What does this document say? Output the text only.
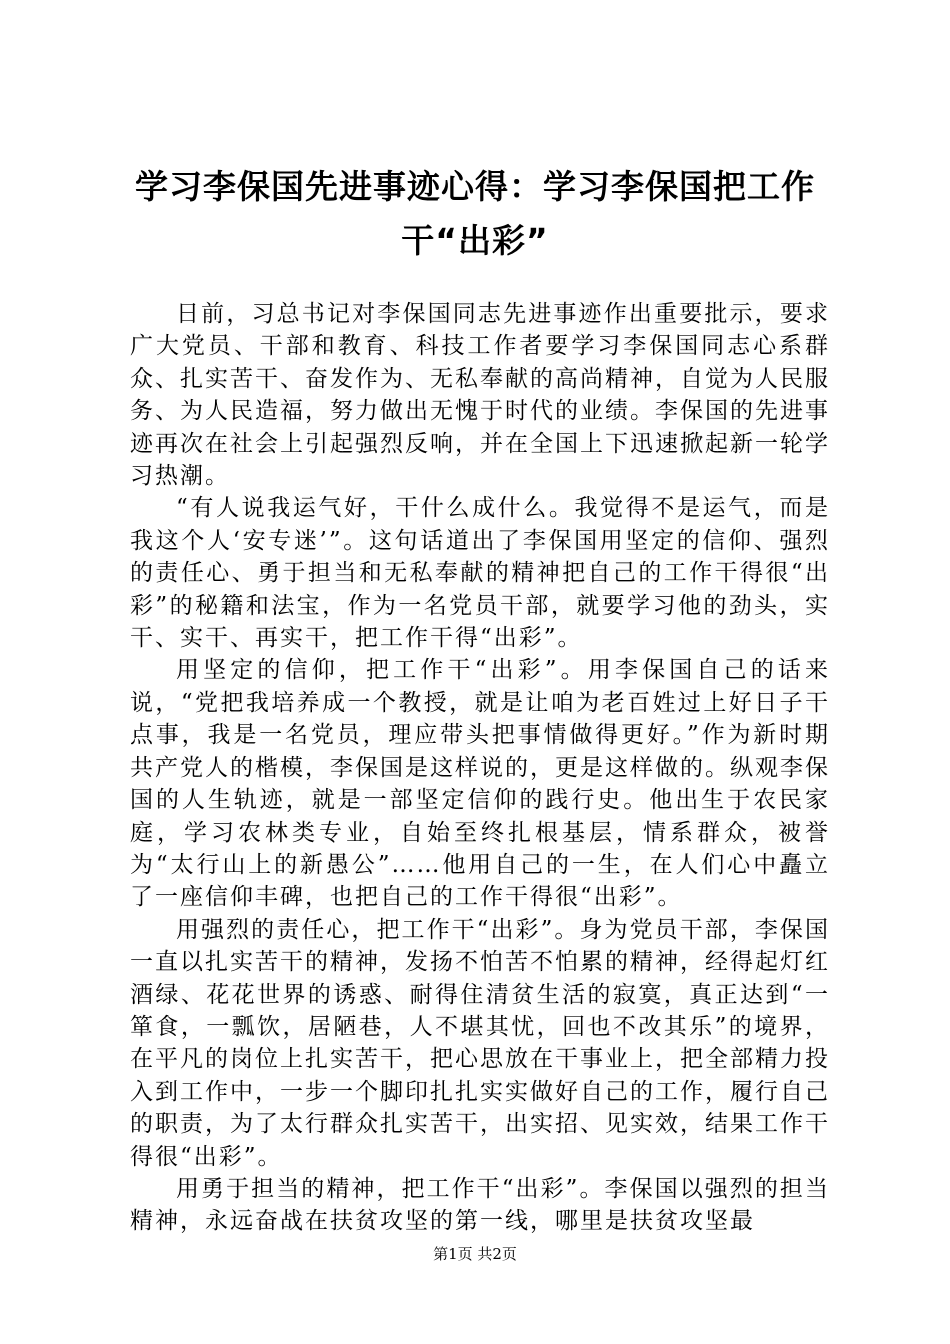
学习李保国先进事迹心得：学习李保国把工作
干“出彩”

日前，习总书记对李保国同志先进事迹作出重要批示，要求广大党员、干部和教育、科技工作者要学习李保国同志心系群众、扎实苦干、奋发作为、无私奉献的高尚精神，自觉为人民服务、为人民造福，努力做出无愧于时代的业绩。李保国的先进事迹再次在社会上引起强烈反响，并在全国上下迅速掀起新一轮学习热潮。

“有人说我运气好，干什么成什么。我觉得不是运气，而是我这个人‘安专迷’”。这句话道出了李保国用坚定的信仰、强烈的责任心、勇于担当和无私奉献的精神把自己的工作干得很“出彩”的秘籍和法宝，作为一名党员干部，就要学习他的劲头，实干、实干、再实干，把工作干得“出彩”。

用坚定的信仰，把工作干“出彩”。用李保国自己的话来说，“党把我培养成一个教授，就是让咱为老百姓过上好日子干点事，我是一名党员，理应带头把事情做得更好。”作为新时期共产党人的楷模，李保国是这样说的，更是这样做的。纵观李保国的人生轨迹，就是一部坚定信仰的践行史。他出生于农民家庭，学习农林类专业，自始至终扎根基层，情系群众，被誉为“太行山上的新愚公”……他用自己的一生，在人们心中矗立了一座信仰丰碑，也把自己的工作干得很“出彩”。

用强烈的责任心，把工作干“出彩”。身为党员干部，李保国一直以扎实苦干的精神，发扬不怕苦不怕累的精神，经得起灯红酒绿、花花世界的诱惑、耐得住清贫生活的寂寞，真正达到“一箪食，一瓢饮，居陋巷，人不堪其忧，回也不改其乐”的境界，在平凡的岗位上扎实苦干，把心思放在干事业上，把全部精力投入到工作中，一步一个脚印扎扎实实做好自己的工作，履行自己的职责，为了太行群众扎实苦干，出实招、见实效，结果工作干得很“出彩”。

用勇于担当的精神，把工作干“出彩”。李保国以强烈的担当精神，永远奋战在扶贫攻坚的第一线，哪里是扶贫攻坚最

第1页 共2页
